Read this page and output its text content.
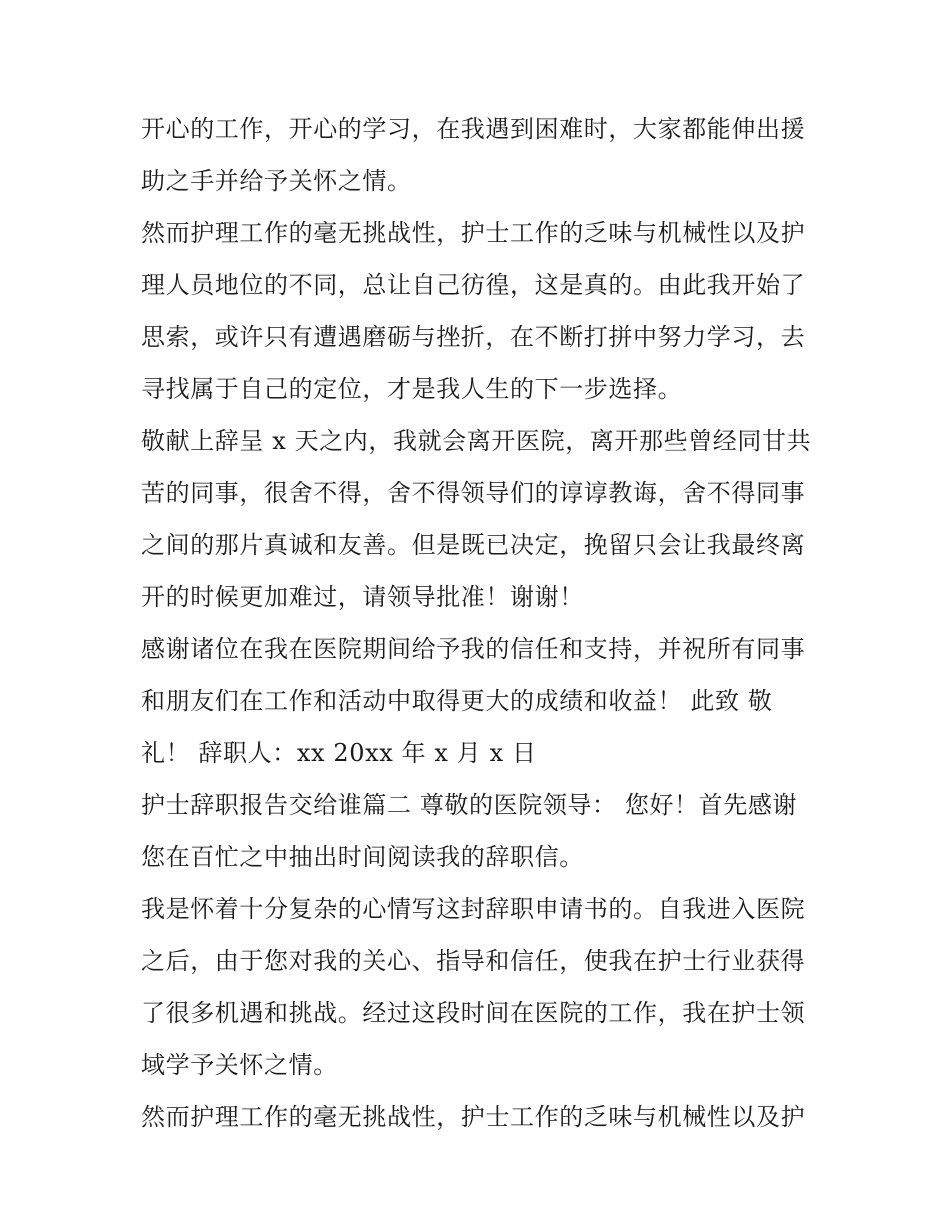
开心的工作，开心的学习，在我遇到困难时，大家都能伸出援
助之手并给予关怀之情。
然而护理工作的毫无挑战性，护士工作的乏味与机械性以及护
理人员地位的不同，总让自己彷徨，这是真的。由此我开始了
思索，或许只有遭遇磨砺与挫折，在不断打拼中努力学习，去
寻找属于自己的定位，才是我人生的下一步选择。
敬献上辞呈 x 天之内，我就会离开医院，离开那些曾经同甘共
苦的同事，很舍不得，舍不得领导们的谆谆教诲，舍不得同事
之间的那片真诚和友善。但是既已决定，挽留只会让我最终离
开的时候更加难过，请领导批准！谢谢！
感谢诸位在我在医院期间给予我的信任和支持，并祝所有同事
和朋友们在工作和活动中取得更大的成绩和收益！ 此致 敬
礼！ 辞职人：xx 20xx 年 x 月 x 日
护士辞职报告交给谁篇二 尊敬的医院领导： 您好！首先感谢
您在百忙之中抽出时间阅读我的辞职信。
我是怀着十分复杂的心情写这封辞职申请书的。自我进入医院
之后，由于您对我的关心、指导和信任，使我在护士行业获得
了很多机遇和挑战。经过这段时间在医院的工作，我在护士领
域学予关怀之情。
然而护理工作的毫无挑战性，护士工作的乏味与机械性以及护
